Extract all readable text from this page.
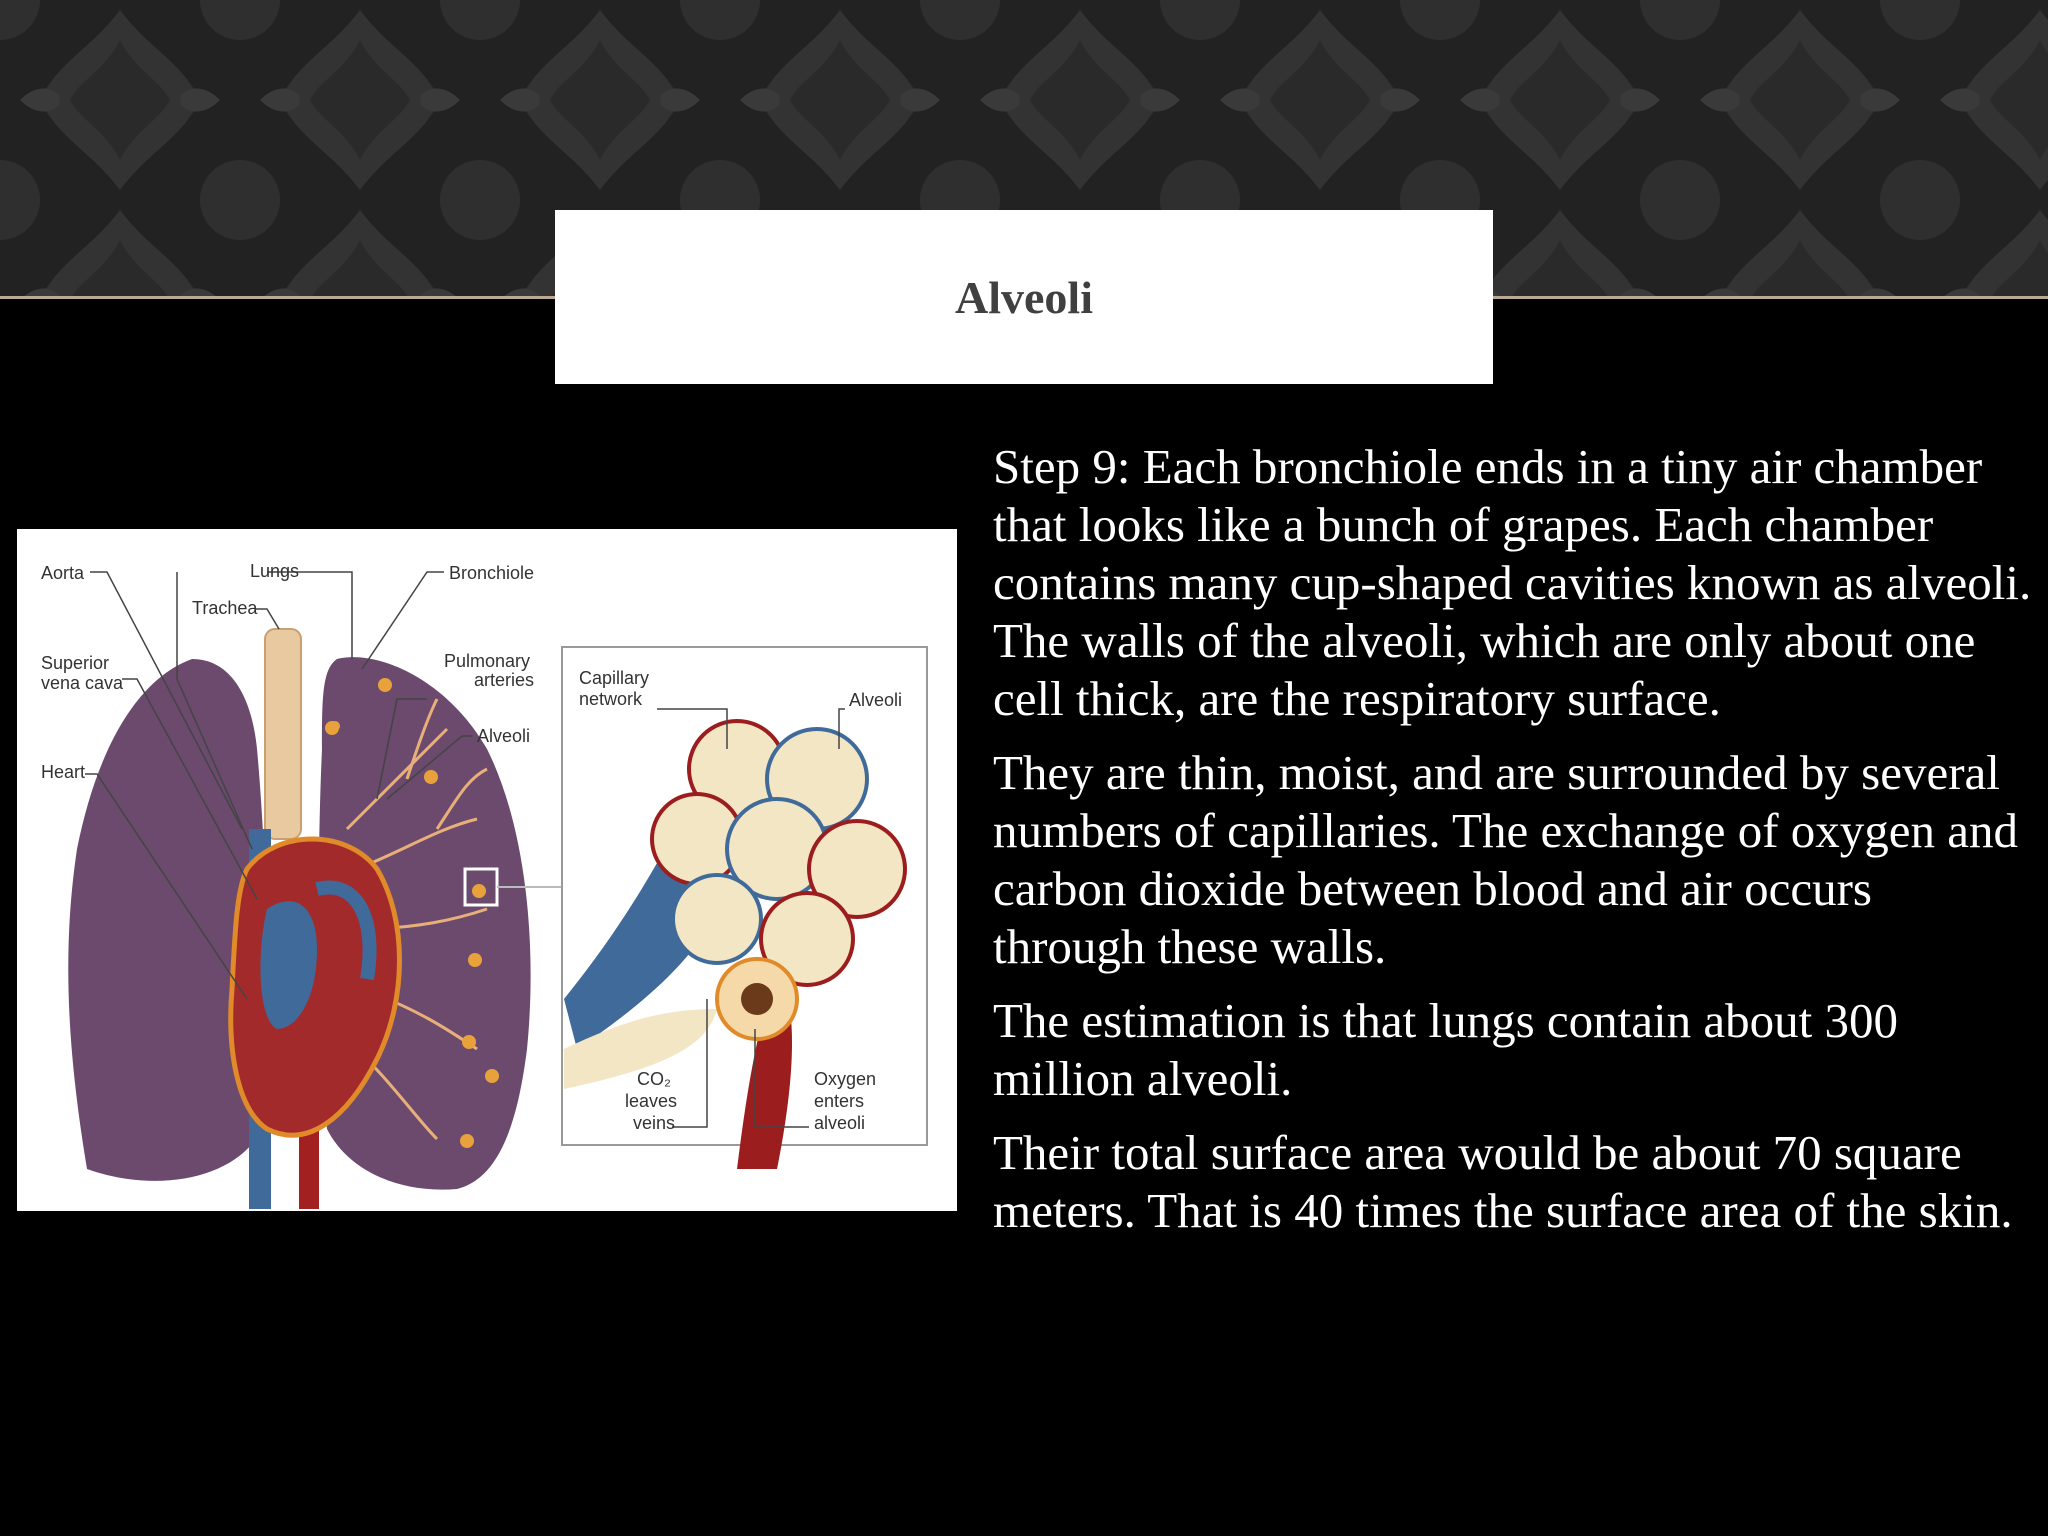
Alveoli
Aorta	Lungs	Bronchiole
Trachea
Superior
vena cava
Pulmonary
arteries
Alveoli
Heart
Capillary
network	Alveoli
CO₂
leaves
veins
Oxygen
enters
alveoli

Step 9: Each bronchiole ends in a tiny air chamber that looks like a bunch of grapes. Each chamber contains many cup-shaped cavities known as alveoli. The walls of the alveoli, which are only about one cell thick, are the respiratory surface.

They are thin, moist, and are surrounded by several numbers of capillaries. The exchange of oxygen and carbon dioxide between blood and air occurs through these walls.

The estimation is that lungs contain about 300 million alveoli.

Their total surface area would be about 70 square meters. That is 40 times the surface area of the skin.
